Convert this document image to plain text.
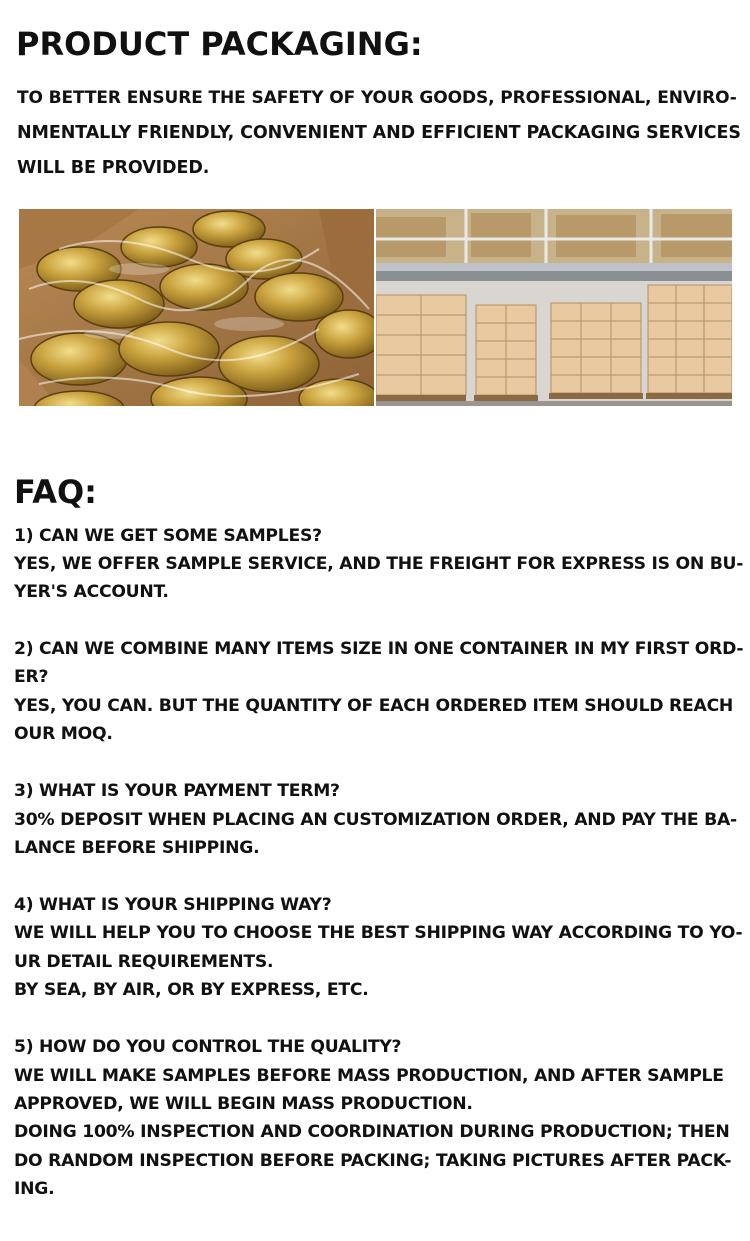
PRODUCT PACKAGING:

TO BETTER ENSURE THE SAFETY OF YOUR GOODS, PROFESSIONAL, ENVIRO-

NMENTALLY FRIENDLY, CONVENIENT AND EFFICIENT PACKAGING SERVICES

WILL BE PROVIDED.

FAQ:

1) CAN WE GET SOME SAMPLES?

YES, WE OFFER SAMPLE SERVICE, AND THE FREIGHT FOR EXPRESS IS ON BU-

YER'S ACCOUNT.

2) CAN WE COMBINE MANY ITEMS SIZE IN ONE CONTAINER IN MY FIRST ORD-

ER?

YES, YOU CAN. BUT THE QUANTITY OF EACH ORDERED ITEM SHOULD REACH

OUR MOQ.

3) WHAT IS YOUR PAYMENT TERM?

30% DEPOSIT WHEN PLACING AN CUSTOMIZATION ORDER, AND PAY THE BA-

LANCE BEFORE SHIPPING.

4) WHAT IS YOUR SHIPPING WAY?

WE WILL HELP YOU TO CHOOSE THE BEST SHIPPING WAY ACCORDING TO YO-

UR DETAIL REQUIREMENTS.

BY SEA, BY AIR, OR BY EXPRESS, ETC.

5) HOW DO YOU CONTROL THE QUALITY?

WE WILL MAKE SAMPLES BEFORE MASS PRODUCTION, AND AFTER SAMPLE

APPROVED, WE WILL BEGIN MASS PRODUCTION.

DOING 100% INSPECTION AND COORDINATION DURING PRODUCTION; THEN

DO RANDOM INSPECTION BEFORE PACKING; TAKING PICTURES AFTER PACK-

ING.
